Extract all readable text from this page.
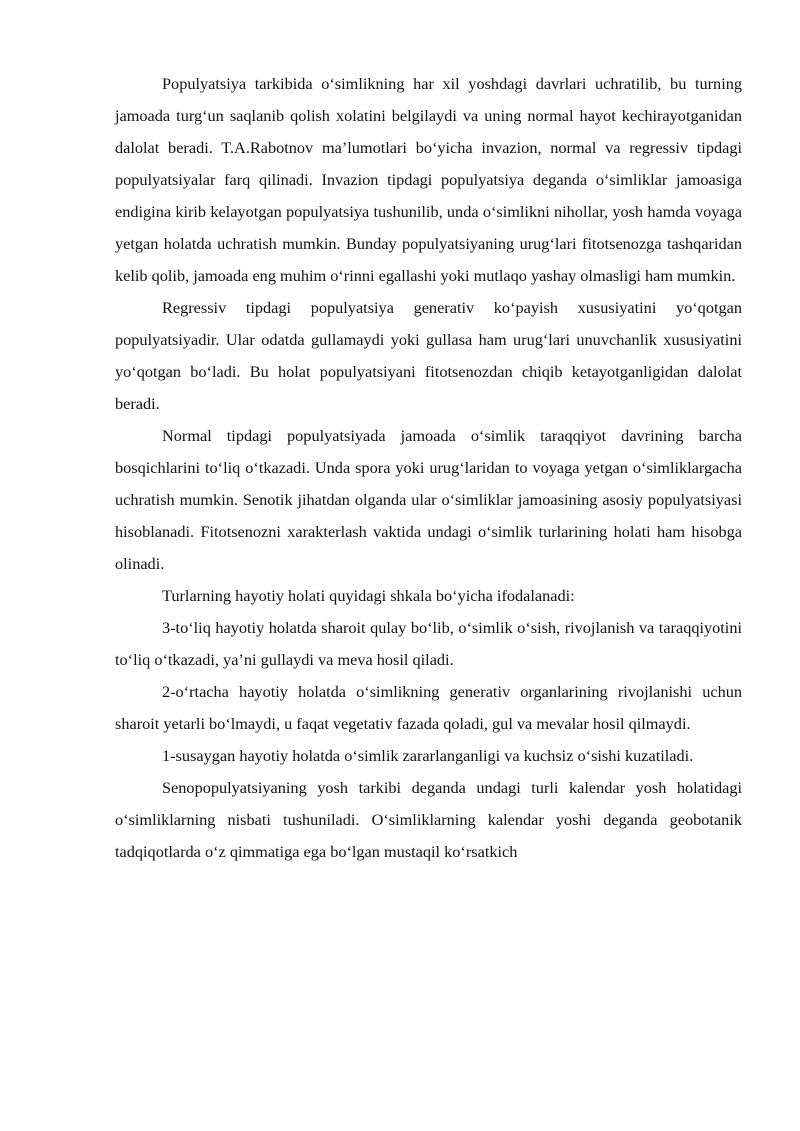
Populyatsiya tarkibida o‘simlikning har xil yoshdagi davrlari uchratilib, bu turning jamoada turg‘un saqlanib qolish xolatini belgilaydi va uning normal hayot kechirayotganidan dalolat beradi. T.A.Rabotnov ma’lumotlari bo‘yicha invazion, normal va regressiv tipdagi populyatsiyalar farq qilinadi. Invazion tipdagi populyatsiya deganda o‘simliklar jamoasiga endigina kirib kelayotgan populyatsiya tushunilib, unda o‘simlikni nihollar, yosh hamda voyaga yetgan holatda uchratish mumkin. Bunday populyatsiyaning urug‘lari fitotsenozga tashqaridan kelib qolib, jamoada eng muhim o‘rinni egallashi yoki mutlaqo yashay olmasligi ham mumkin.

Regressiv tipdagi populyatsiya generativ ko‘payish xususiyatini yo‘qotgan populyatsiyadir. Ular odatda gullamaydi yoki gullasa ham urug‘lari unuvchanlik xususiyatini yo‘qotgan bo‘ladi. Bu holat populyatsiyani fitotsenozdan chiqib ketayotganligidan dalolat beradi.

Normal tipdagi populyatsiyada jamoada o‘simlik taraqqiyot davrining barcha bosqichlarini to‘liq o‘tkazadi. Unda spora yoki urug‘laridan to voyaga yetgan o‘simliklargacha uchratish mumkin. Senotik jihatdan olganda ular o‘simliklar jamoasining asosiy populyatsiyasi hisoblanadi. Fitotsenozni xarakterlash vaktida undagi o‘simlik turlarining holati ham hisobga olinadi.

Turlarning hayotiy holati quyidagi shkala bo‘yicha ifodalanadi:

3-to‘liq hayotiy holatda sharoit qulay bo‘lib, o‘simlik o‘sish, rivojlanish va taraqqiyotini to‘liq o‘tkazadi, ya’ni gullaydi va meva hosil qiladi.

2-o‘rtacha hayotiy holatda o‘simlikning generativ organlarining rivojlanishi uchun sharoit yetarli bo‘lmaydi, u faqat vegetativ fazada qoladi, gul va mevalar hosil qilmaydi.

1-susaygan hayotiy holatda o‘simlik zararlanganligi va kuchsiz o‘sishi kuzatiladi.

Senopopulyatsiyaning yosh tarkibi deganda undagi turli kalendar yosh holatidagi o‘simliklarning nisbati tushuniladi. O‘simliklarning kalendar yoshi deganda geobotanik tadqiqotlarda o‘z qimmatiga ega bo‘lgan mustaqil ko‘rsatkich
